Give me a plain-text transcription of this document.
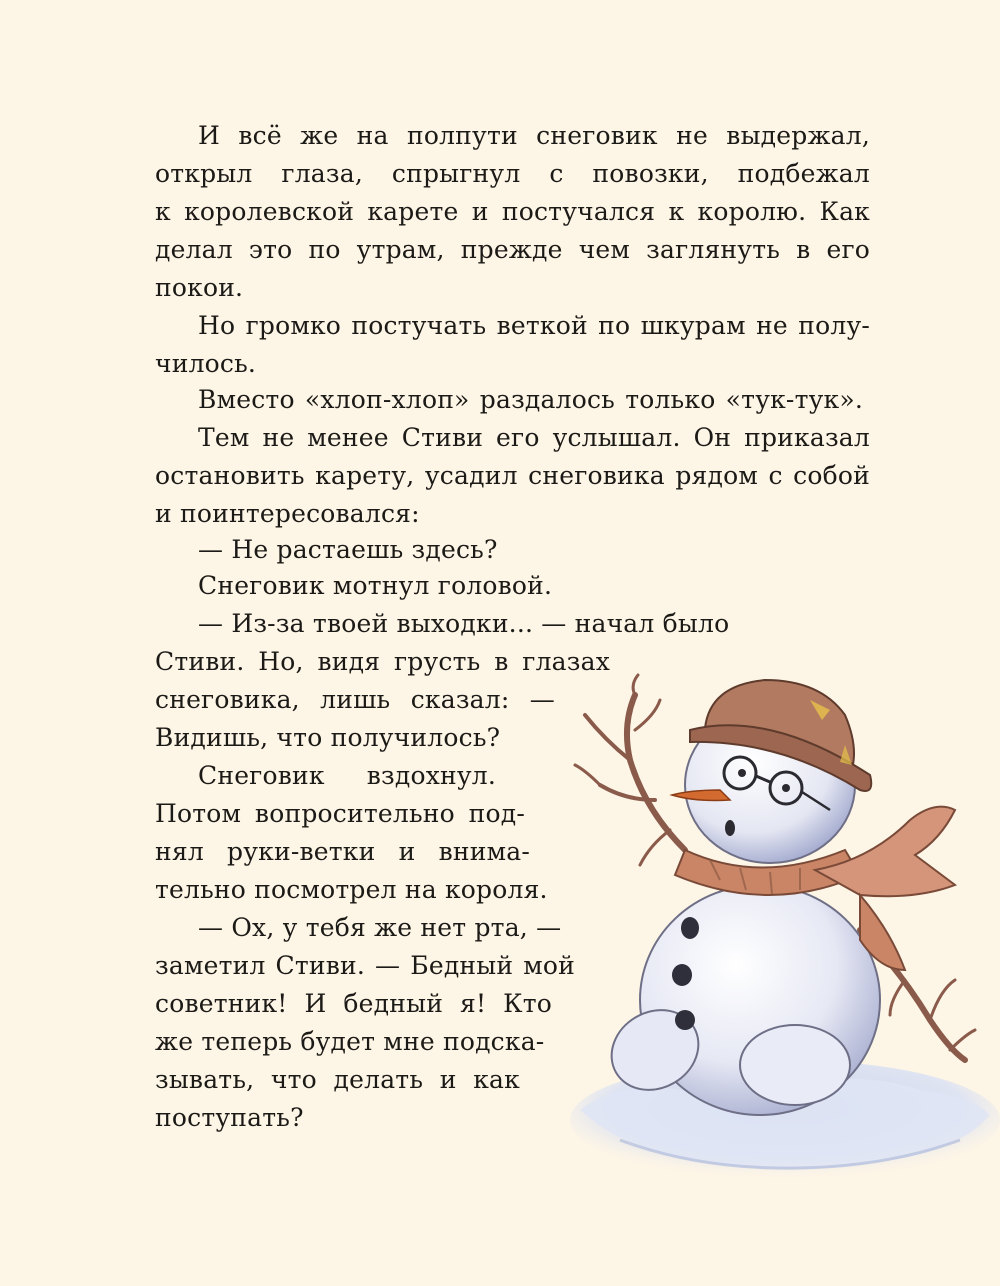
И всё же на полпути снеговик не выдержал,
открыл глаза, спрыгнул с повозки, подбежал
к королевской карете и постучался к королю. Как
делал это по утрам, прежде чем заглянуть в его
покои.
Но громко постучать веткой по шкурам не полу-
чилось.
Вместо «хлоп-хлоп» раздалось только «тук-тук».
Тем не менее Стиви его услышал. Он приказал
остановить карету, усадил снеговика рядом с собой
и поинтересовался:
— Не растаешь здесь?
Снеговик мотнул головой.
— Из-за твоей выходки... — начал было
Стиви. Но, видя грусть в глазах
снеговика, лишь сказал: —
Видишь, что получилось?
Снеговик вздохнул.
Потом вопросительно под-
нял руки-ветки и внима-
тельно посмотрел на короля.
— Ох, у тебя же нет рта, —
заметил Стиви. — Бедный мой
советник! И бедный я! Кто
же теперь будет мне подска-
зывать, что делать и как
поступать?
